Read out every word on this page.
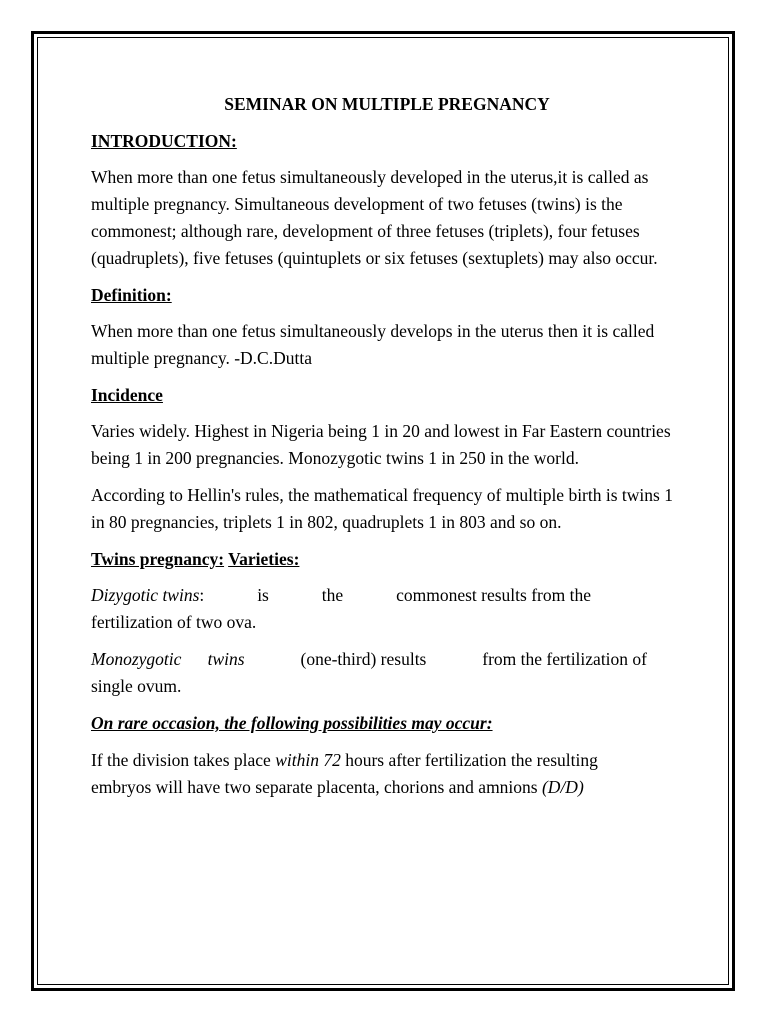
SEMINAR ON MULTIPLE PREGNANCY
INTRODUCTION:
When more than one fetus simultaneously developed in the uterus,it is called as multiple pregnancy. Simultaneous development of two fetuses (twins) is the commonest; although rare, development of three fetuses (triplets), four fetuses (quadruplets), five fetuses (quintuplets or six fetuses (sextuplets) may also occur.
Definition:
When more than one fetus simultaneously develops in the uterus then it is called multiple pregnancy. -D.C.Dutta
Incidence
Varies widely. Highest in Nigeria being 1 in 20 and lowest in Far Eastern countries being 1 in 200 pregnancies. Monozygotic twins 1 in 250 in the world.
According to Hellin's rules, the mathematical frequency of multiple birth is twins 1 in 80 pregnancies, triplets 1 in 802, quadruplets 1 in 803 and so on.
Twins pregnancy: Varieties:
Dizygotic twins:	is	the	commonest results from the
fertilization of two ova.
Monozygotic      twins	(one-third) results	from the fertilization of
single ovum.
On rare occasion, the following possibilities may occur:
If the division takes place within 72 hours after fertilization the resulting
embryos will have two separate placenta, chorions and amnions (D/D)
